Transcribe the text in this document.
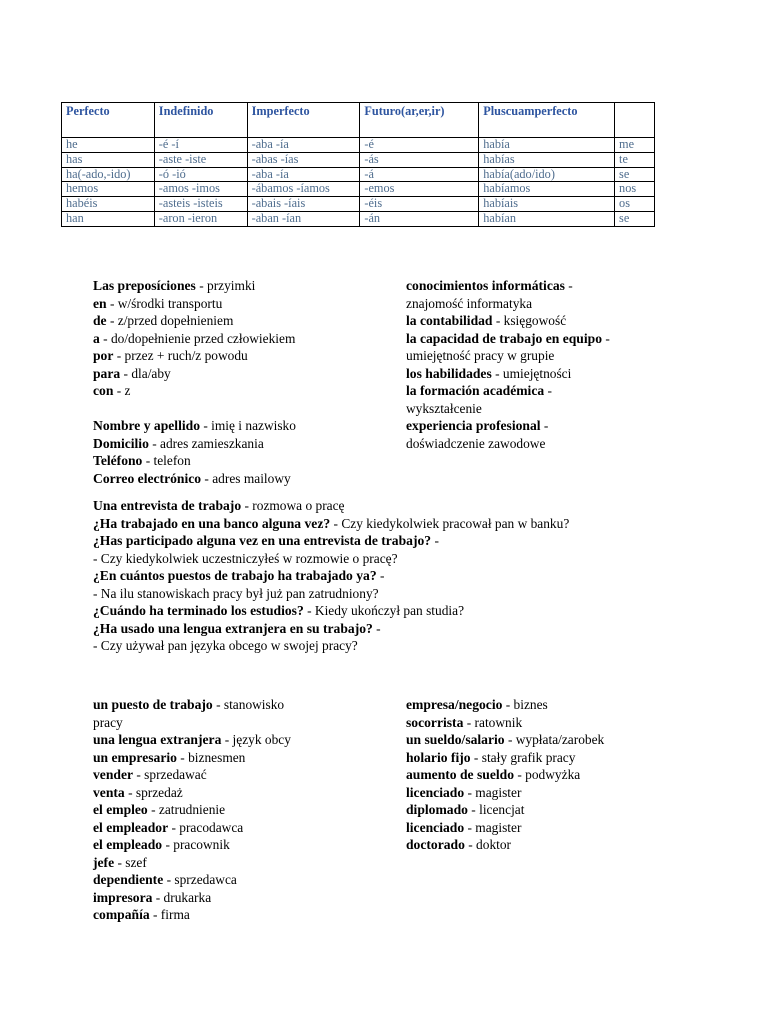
Perfecto	Indefinido	Imperfecto	Futuro(ar,er,ir)	Pluscuamperfecto	
he	-é -í	-aba -ía	-é	había	me
has	-aste -iste	-abas -ías	-ás	habías	te
ha(-ado,-ido)	-ó -ió	-aba -ía	-á	había(ado/ido)	se
hemos	-amos -imos	-ábamos -íamos	-emos	habíamos	nos
habéis	-asteis -isteis	-abais -íais	-éis	habíais	os
han	-aron -ieron	-aban -ían	-án	habían	se

Las preposíciones - przyimki

en - w/środki transportu

de - z/przed dopełnieniem

a - do/dopełnienie przed człowiekiem

por - przez + ruch/z powodu

para - dla/aby

con - z

Nombre y apellido - imię i nazwisko

Domicilio - adres zamieszkania

Teléfono - telefon

Correo electrónico - adres mailowy

conocimientos informáticas -

znajomość informatyka

la contabilidad - księgowość

la capacidad de trabajo en equipo -

umiejętność pracy w grupie

los habilidades - umiejętności

la formación académica -

wykształcenie

experiencia profesional -

doświadczenie zawodowe

Una entrevista de trabajo - rozmowa o pracę

¿Ha trabajado en una banco alguna vez? - Czy kiedykolwiek pracował pan w banku?

¿Has participado alguna vez en una entrevista de trabajo? -

- Czy kiedykolwiek uczestniczyłeś w rozmowie o pracę?

¿En cuántos puestos de trabajo ha trabajado ya? -

- Na ilu stanowiskach pracy był już pan zatrudniony?

¿Cuándo ha terminado los estudios? - Kiedy ukończył pan studia?

¿Ha usado una lengua extranjera en su trabajo? -

- Czy używał pan języka obcego w swojej pracy?

un puesto de trabajo - stanowisko

pracy

una lengua extranjera - język obcy

un empresario - biznesmen

vender - sprzedawać

venta - sprzedaż

el empleo - zatrudnienie

el empleador - pracodawca

el empleado - pracownik

jefe - szef

dependiente - sprzedawca

impresora - drukarka

compañía - firma

empresa/negocio - biznes

socorrista - ratownik

un sueldo/salario - wypłata/zarobek

holario fijo - stały grafik pracy

aumento de sueldo - podwyżka

licenciado - magister

diplomado - licencjat

licenciado - magister

doctorado - doktor
